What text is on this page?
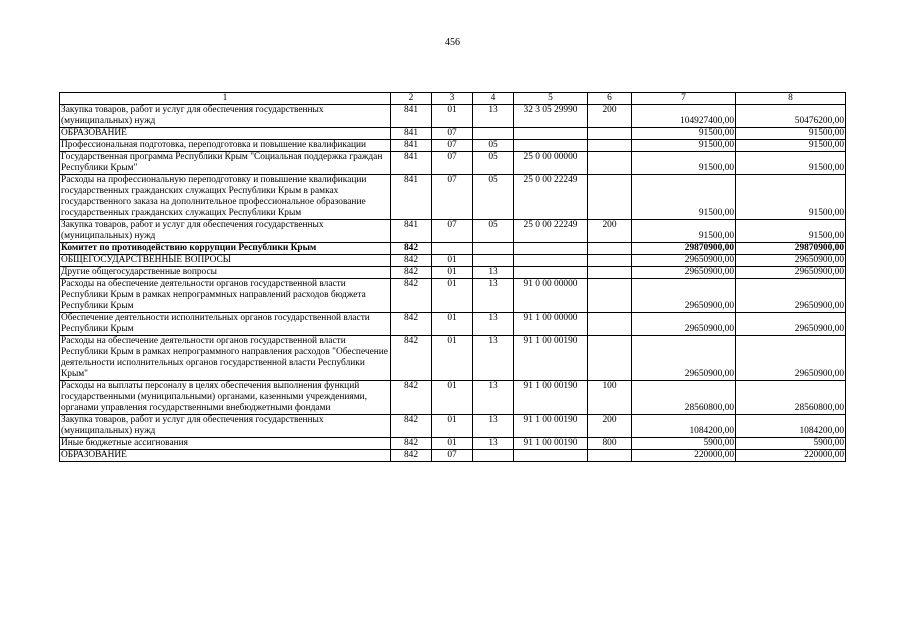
456
1	2	3	4	5	6	7	8
Закупка товаров, работ и услуг для обеспечения государственных (муниципальных) нужд	841	01	13	32 3 05 29990	200	104927400,00	50476200,00
ОБРАЗОВАНИЕ	841	07				91500,00	91500,00
Профессиональная подготовка, переподготовка и повышение квалификации	841	07	05			91500,00	91500,00
Государственная программа Республики Крым "Социальная поддержка граждан Республики Крым"	841	07	05	25 0 00 00000		91500,00	91500,00
Расходы на профессиональную переподготовку и повышение квалификации государственных гражданских служащих Республики Крым в рамках государственного заказа на дополнительное профессиональное образование государственных гражданских служащих Республики Крым	841	07	05	25 0 00 22249		91500,00	91500,00
Закупка товаров, работ и услуг для обеспечения государственных (муниципальных) нужд	841	07	05	25 0 00 22249	200	91500,00	91500,00
Комитет по противодействию коррупции Республики Крым	842					29870900,00	29870900,00
ОБЩЕГОСУДАРСТВЕННЫЕ ВОПРОСЫ	842	01				29650900,00	29650900,00
Другие общегосударственные вопросы	842	01	13			29650900,00	29650900,00
Расходы на обеспечение деятельности органов государственной власти Республики Крым в рамках непрограммных направлений расходов бюджета Республики Крым	842	01	13	91 0 00 00000		29650900,00	29650900,00
Обеспечение деятельности исполнительных органов государственной власти Республики Крым	842	01	13	91 1 00 00000		29650900,00	29650900,00
Расходы на обеспечение деятельности органов государственной власти Республики Крым в рамках непрограммного направления расходов "Обеспечение деятельности исполнительных органов государственной власти Республики Крым"	842	01	13	91 1 00 00190		29650900,00	29650900,00
Расходы на выплаты персоналу в целях обеспечения выполнения функций государственными (муниципальными) органами, казенными учреждениями, органами управления государственными внебюджетными фондами	842	01	13	91 1 00 00190	100	28560800,00	28560800,00
Закупка товаров, работ и услуг для обеспечения государственных (муниципальных) нужд	842	01	13	91 1 00 00190	200	1084200,00	1084200,00
Иные бюджетные ассигнования	842	01	13	91 1 00 00190	800	5900,00	5900,00
ОБРАЗОВАНИЕ	842	07				220000,00	220000,00
